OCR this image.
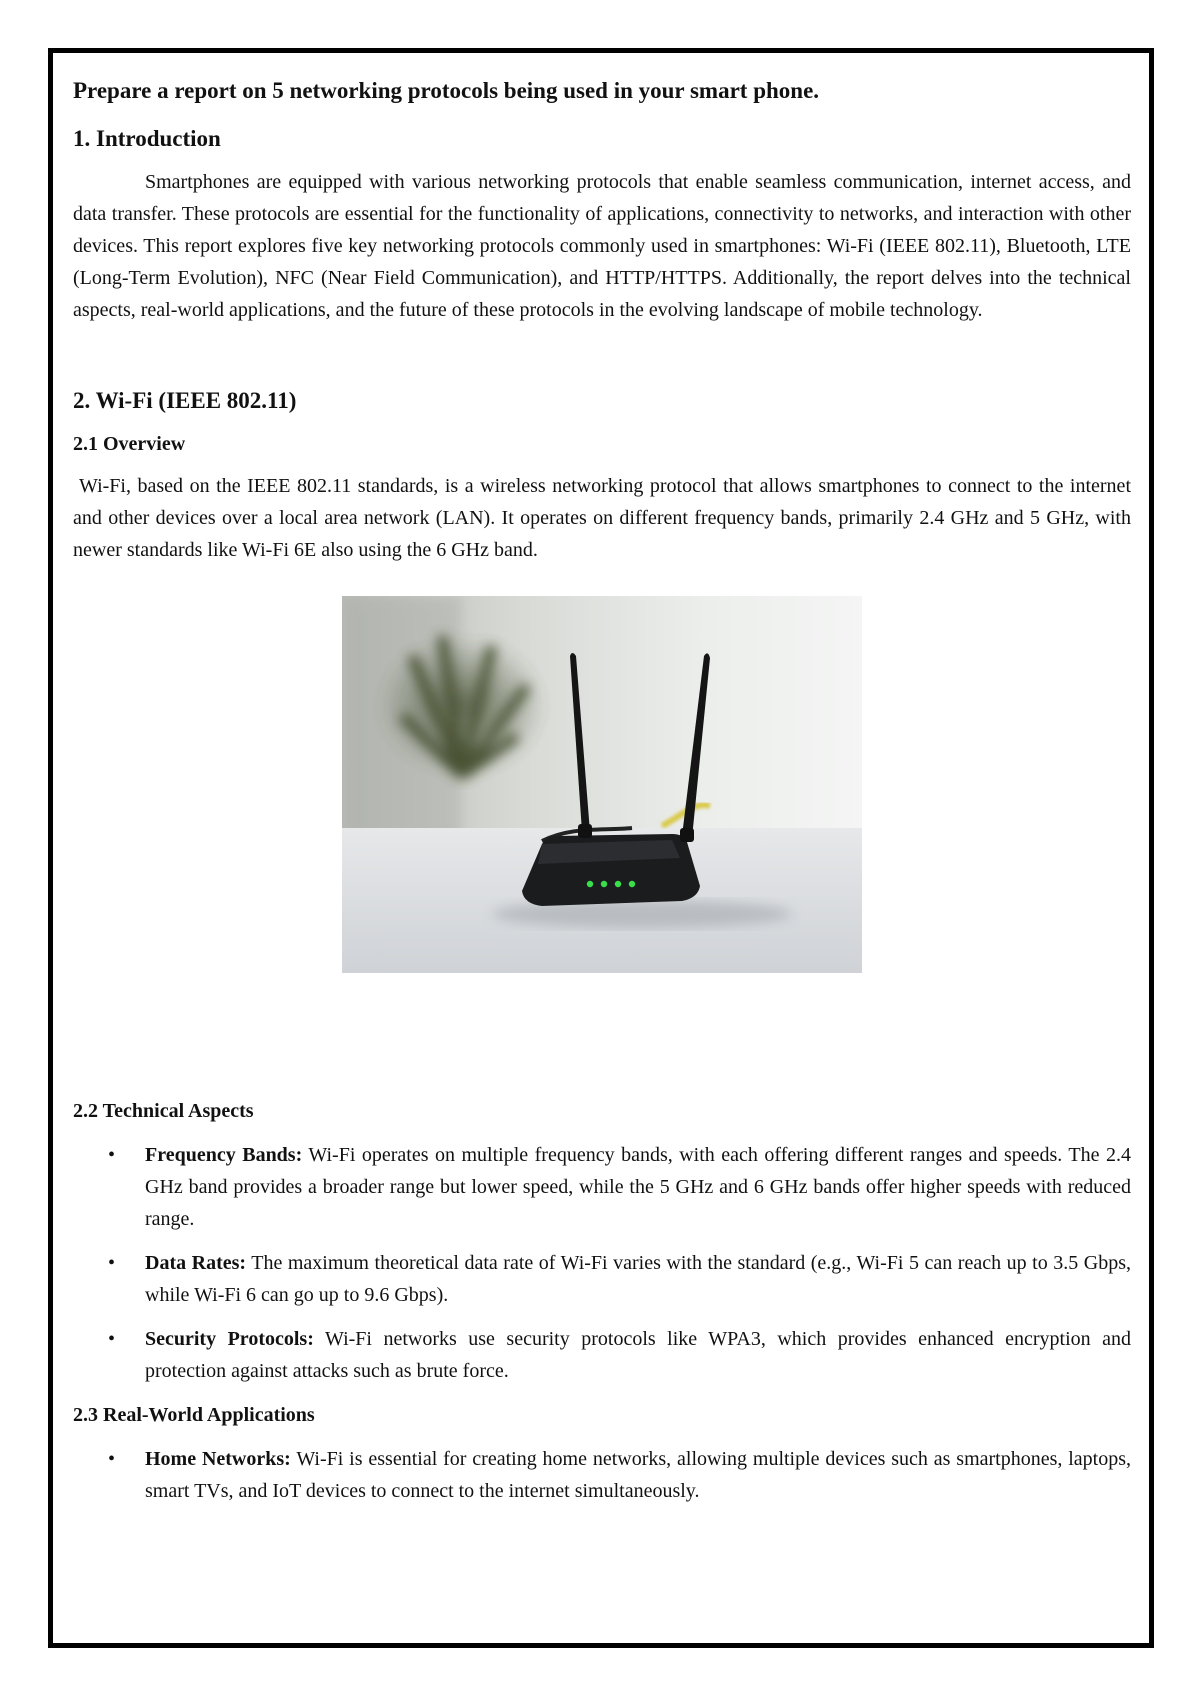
Prepare a report on 5 networking protocols being used in your smart phone.
1. Introduction

Smartphones are equipped with various networking protocols that enable seamless communication, internet access, and data transfer. These protocols are essential for the functionality of applications, connectivity to networks, and interaction with other devices. This report explores five key networking protocols commonly used in smartphones: Wi-Fi (IEEE 802.11), Bluetooth, LTE (Long-Term Evolution), NFC (Near Field Communication), and HTTP/HTTPS. Additionally, the report delves into the technical aspects, real-world applications, and the future of these protocols in the evolving landscape of mobile technology.

2. Wi-Fi (IEEE 802.11)
2.1 Overview

Wi-Fi, based on the IEEE 802.11 standards, is a wireless networking protocol that allows smartphones to connect to the internet and other devices over a local area network (LAN). It operates on different frequency bands, primarily 2.4 GHz and 5 GHz, with newer standards like Wi-Fi 6E also using the 6 GHz band.

2.2 Technical Aspects
• Frequency Bands: Wi-Fi operates on multiple frequency bands, with each offering different ranges and speeds. The 2.4 GHz band provides a broader range but lower speed, while the 5 GHz and 6 GHz bands offer higher speeds with reduced range.
• Data Rates: The maximum theoretical data rate of Wi-Fi varies with the standard (e.g., Wi-Fi 5 can reach up to 3.5 Gbps, while Wi-Fi 6 can go up to 9.6 Gbps).
• Security Protocols: Wi-Fi networks use security protocols like WPA3, which provides enhanced encryption and protection against attacks such as brute force.
2.3 Real-World Applications
• Home Networks: Wi-Fi is essential for creating home networks, allowing multiple devices such as smartphones, laptops, smart TVs, and IoT devices to connect to the internet simultaneously.
